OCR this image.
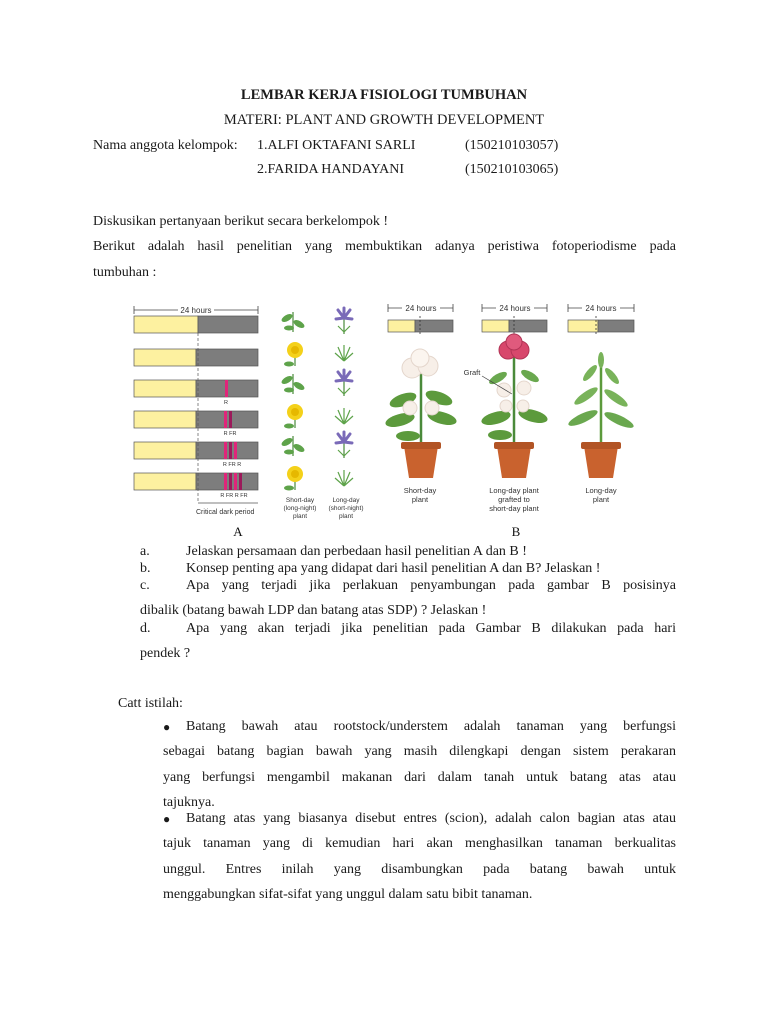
LEMBAR KERJA FISIOLOGI TUMBUHAN
MATERI: PLANT AND GROWTH DEVELOPMENT
Nama anggota kelompok: 1.ALFI OKTAFANI SARLI	(150210103057)
2.FARIDA HANDAYANI	(150210103065)
Diskusikan pertanyaan berikut secara berkelompok !
Berikut adalah hasil penelitian yang membuktikan adanya peristiwa fotoperiodisme pada
tumbuhan :
24 hours
R
R FR
R FR R
R FR R FR
Critical dark period
Short-day
(long-night)
plant
Long-day
(short-night)
plant
24 hours	24 hours	24 hours
Short-day
plant
Graft
Long-day plant
grafted to
short-day plant
Long-day
plant
A	B
a.	Jelaskan persamaan dan perbedaan hasil penelitian A dan B !
b.	Konsep penting apa yang didapat dari hasil penelitian A dan B? Jelaskan !
c.	Apa yang terjadi jika perlakuan penyambungan pada gambar B posisinya
dibalik (batang bawah LDP dan batang atas SDP) ? Jelaskan !
d.	Apa yang akan terjadi jika penelitian pada Gambar B dilakukan pada hari
pendek ?
Catt istilah:
● Batang bawah atau rootstock/understem adalah tanaman yang berfungsi
sebagai batang bagian bawah yang masih dilengkapi dengan sistem perakaran
yang berfungsi mengambil makanan dari dalam tanah untuk batang atas atau
tajuknya.
● Batang atas yang biasanya disebut entres (scion), adalah calon bagian atas atau
tajuk tanaman yang di kemudian hari akan menghasilkan tanaman berkualitas
unggul. Entres inilah yang disambungkan pada batang bawah untuk
menggabungkan sifat-sifat yang unggul dalam satu bibit tanaman.
